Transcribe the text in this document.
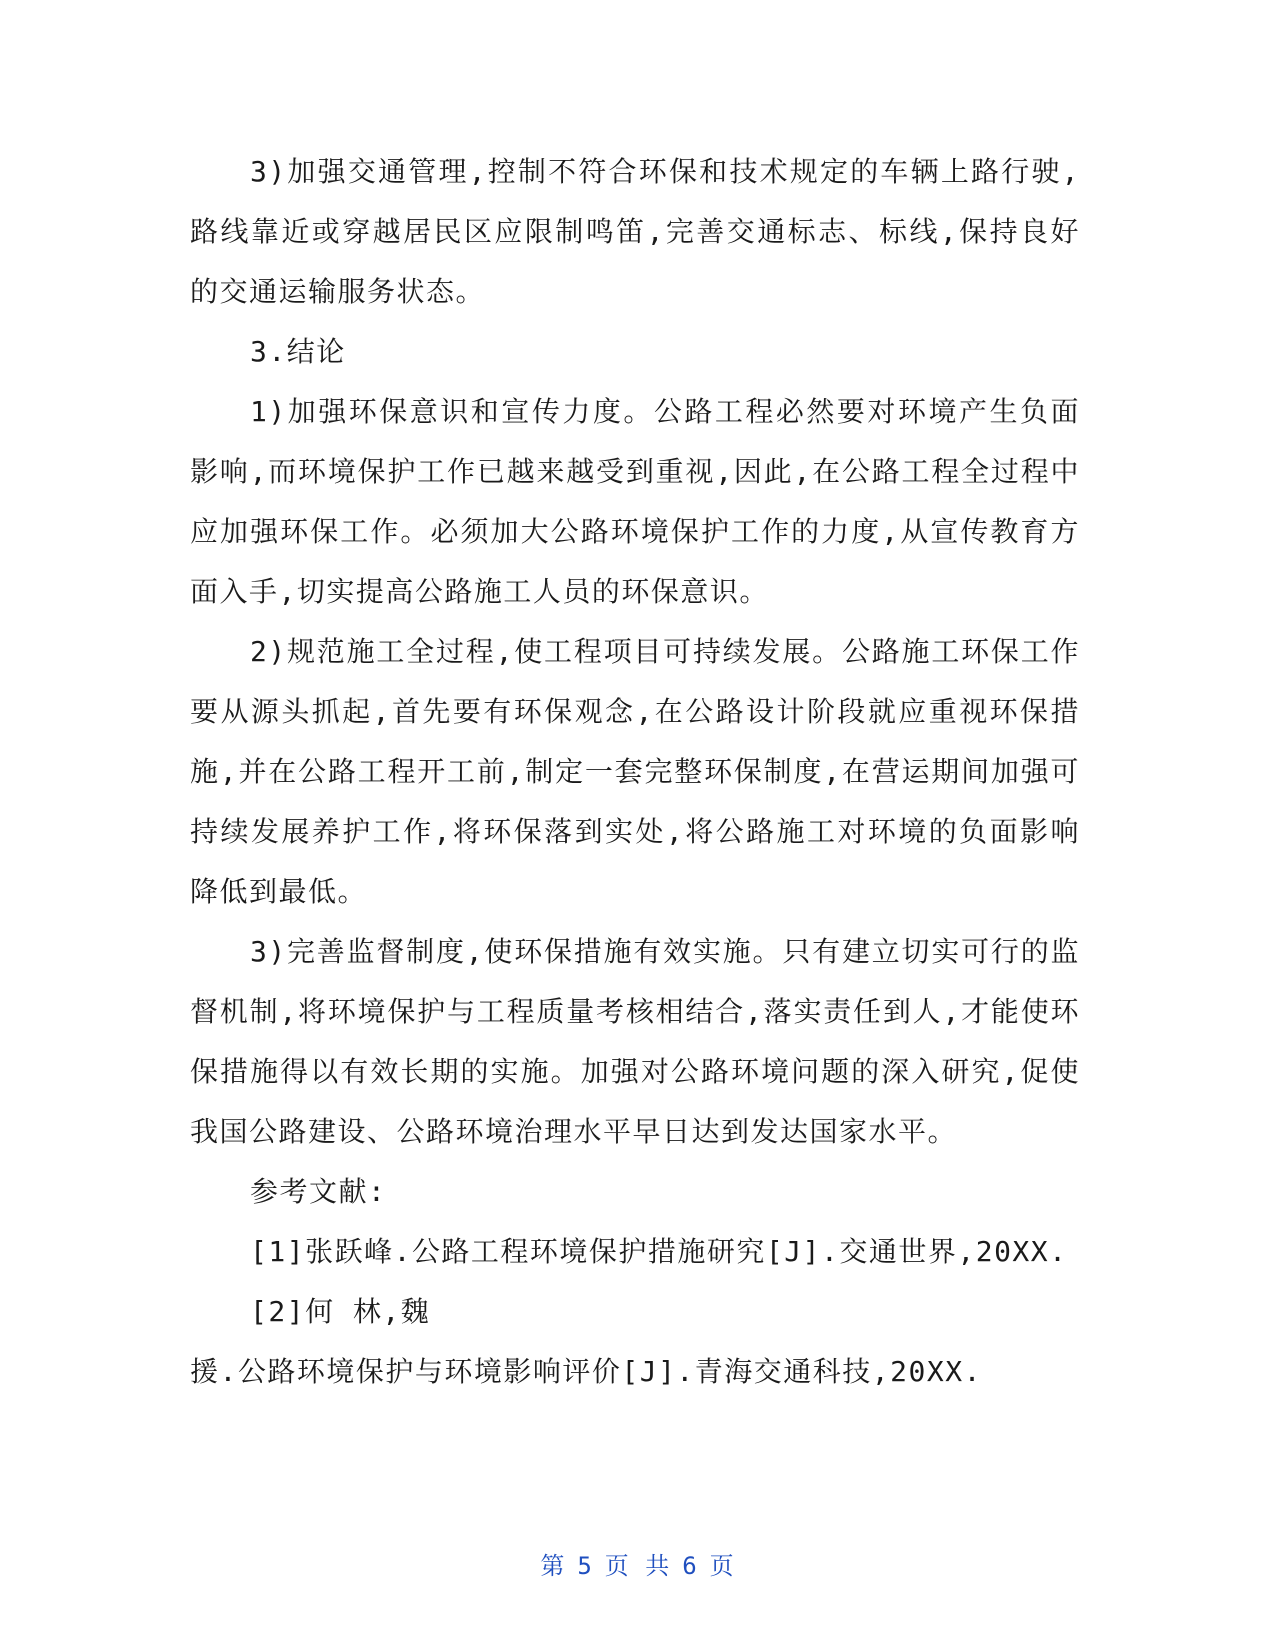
3)加强交通管理,控制不符合环保和技术规定的车辆上路行驶,路线靠近或穿越居民区应限制鸣笛,完善交通标志、标线,保持良好的交通运输服务状态。

3.结论

1)加强环保意识和宣传力度。公路工程必然要对环境产生负面影响,而环境保护工作已越来越受到重视,因此,在公路工程全过程中应加强环保工作。必须加大公路环境保护工作的力度,从宣传教育方面入手,切实提高公路施工人员的环保意识。

2)规范施工全过程,使工程项目可持续发展。公路施工环保工作要从源头抓起,首先要有环保观念,在公路设计阶段就应重视环保措施,并在公路工程开工前,制定一套完整环保制度,在营运期间加强可持续发展养护工作,将环保落到实处,将公路施工对环境的负面影响降低到最低。

3)完善监督制度,使环保措施有效实施。只有建立切实可行的监督机制,将环境保护与工程质量考核相结合,落实责任到人,才能使环保措施得以有效长期的实施。加强对公路环境问题的深入研究,促使我国公路建设、公路环境治理水平早日达到发达国家水平。

参考文献:

[1]张跃峰.公路工程环境保护措施研究[J].交通世界,20XX.

[2]何 林,魏

援.公路环境保护与环境影响评价[J].青海交通科技,20XX.

第 5 页 共 6 页
